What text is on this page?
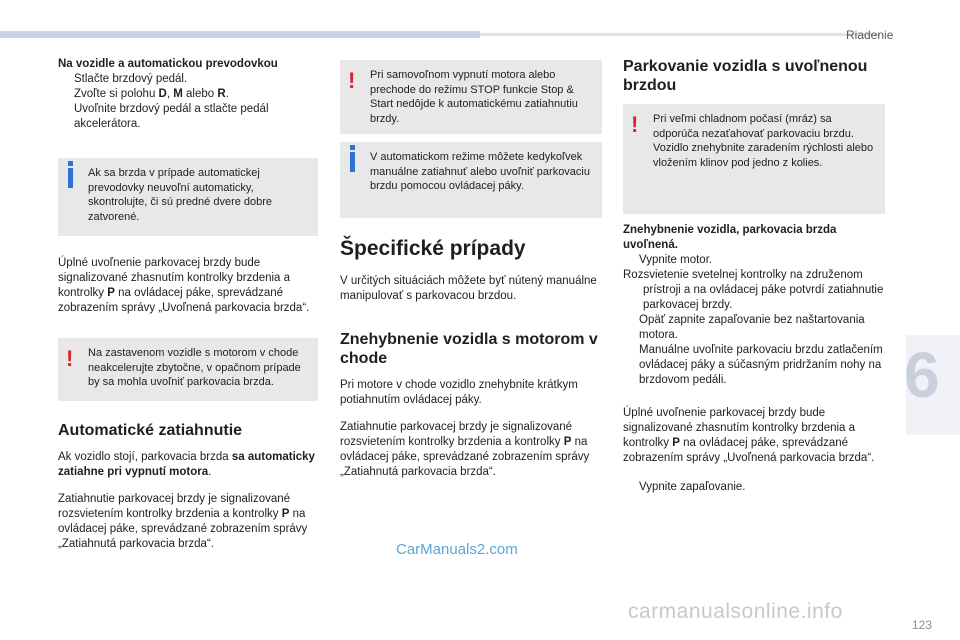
Riadenie
6
123

Na vozidle a automatickou prevodovkou

Stlačte brzdový pedál.

Zvoľte si polohu D, M alebo R.

Uvoľnite brzdový pedál a stlačte pedál akcelerátora.

Ak sa brzda v prípade automatickej prevodovky neuvoľní automaticky, skontrolujte, či sú predné dvere dobre zatvorené.

Úplné uvoľnenie parkovacej brzdy bude signalizované zhasnutím kontrolky brzdenia a kontrolky P na ovládacej páke, sprevádzané zobrazením správy „Uvoľnená parkovacia brzda“.

! Na zastavenom vozidle s motorom v chode neakcelerujte zbytočne, v opačnom prípade by sa mohla uvoľniť parkovacia brzda.
Automatické zatiahnutie

Ak vozidlo stojí, parkovacia brzda sa automaticky zatiahne pri vypnutí motora.

Zatiahnutie parkovacej brzdy je signalizované rozsvietením kontrolky brzdenia a kontrolky P na ovládacej páke, sprevádzané zobrazením správy „Zatiahnutá parkovacia brzda“.

! Pri samovoľnom vypnutí motora alebo prechode do režimu STOP funkcie Stop & Start nedôjde k automatickému zatiahnutiu brzdy.
V automatickom režime môžete kedykoľvek manuálne zatiahnuť alebo uvoľniť parkovaciu brzdu pomocou ovládacej páky.
Špecifické prípady

V určitých situáciách môžete byť nútený manuálne manipulovať s parkovacou brzdou.

Znehybnenie vozidla s motorom v chode

Pri motore v chode vozidlo znehybnite krátkym potiahnutím ovládacej páky.

Zatiahnutie parkovacej brzdy je signalizované rozsvietením kontrolky brzdenia a kontrolky P na ovládacej páke, sprevádzané zobrazením správy „Zatiahnutá parkovacia brzda“.

Parkovanie vozidla s uvoľnenou brzdou
! Pri veľmi chladnom počasí (mráz) sa odporúča nezaťahovať parkovaciu brzdu. Vozidlo znehybnite zaradením rýchlosti alebo vložením klinov pod jedno z kolies.

Znehybnenie vozidla, parkovacia brzda uvoľnená.

Vypnite motor.

Rozsvietenie svetelnej kontrolky na združenom prístroji a na ovládacej páke potvrdí zatiahnutie parkovacej brzdy.

Opäť zapnite zapaľovanie bez naštartovania motora.

Manuálne uvoľnite parkovaciu brzdu zatlačením ovládacej páky a súčasným pridržaním nohy na brzdovom pedáli.

Úplné uvoľnenie parkovacej brzdy bude signalizované zhasnutím kontrolky brzdenia a kontrolky P na ovládacej páke, sprevádzané zobrazením správy „Uvoľnená parkovacia brzda“.

Vypnite zapaľovanie.

CarManuals2.com
carmanualsonline.info
